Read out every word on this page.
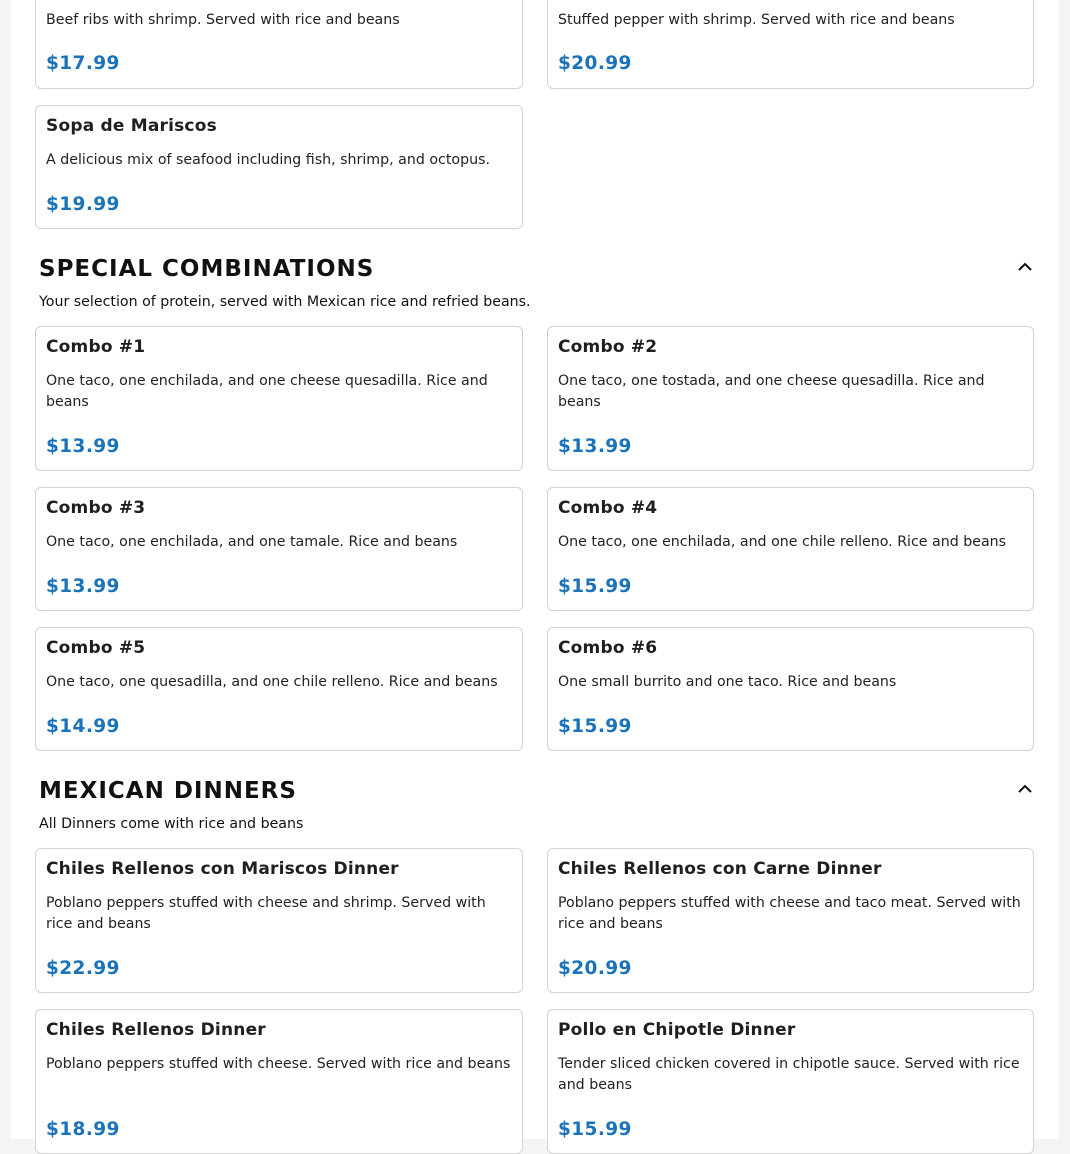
Beef ribs with shrimp. Served with rice and beans
$17.99
Stuffed pepper with shrimp. Served with rice and beans
$20.99
Sopa de Mariscos
A delicious mix of seafood including fish, shrimp, and octopus.
$19.99
SPECIAL COMBINATIONS
Your selection of protein, served with Mexican rice and refried beans.
Combo #1
One taco, one enchilada, and one cheese quesadilla. Rice and beans
$13.99
Combo #2
One taco, one tostada, and one cheese quesadilla. Rice and beans
$13.99
Combo #3
One taco, one enchilada, and one tamale. Rice and beans
$13.99
Combo #4
One taco, one enchilada, and one chile relleno. Rice and beans
$15.99
Combo #5
One taco, one quesadilla, and one chile relleno. Rice and beans
$14.99
Combo #6
One small burrito and one taco. Rice and beans
$15.99
MEXICAN DINNERS
All Dinners come with rice and beans
Chiles Rellenos con Mariscos Dinner
Poblano peppers stuffed with cheese and shrimp. Served with rice and beans
$22.99
Chiles Rellenos con Carne Dinner
Poblano peppers stuffed with cheese and taco meat. Served with rice and beans
$20.99
Chiles Rellenos Dinner
Poblano peppers stuffed with cheese. Served with rice and beans
$18.99
Pollo en Chipotle Dinner
Tender sliced chicken covered in chipotle sauce. Served with rice and beans
$15.99
